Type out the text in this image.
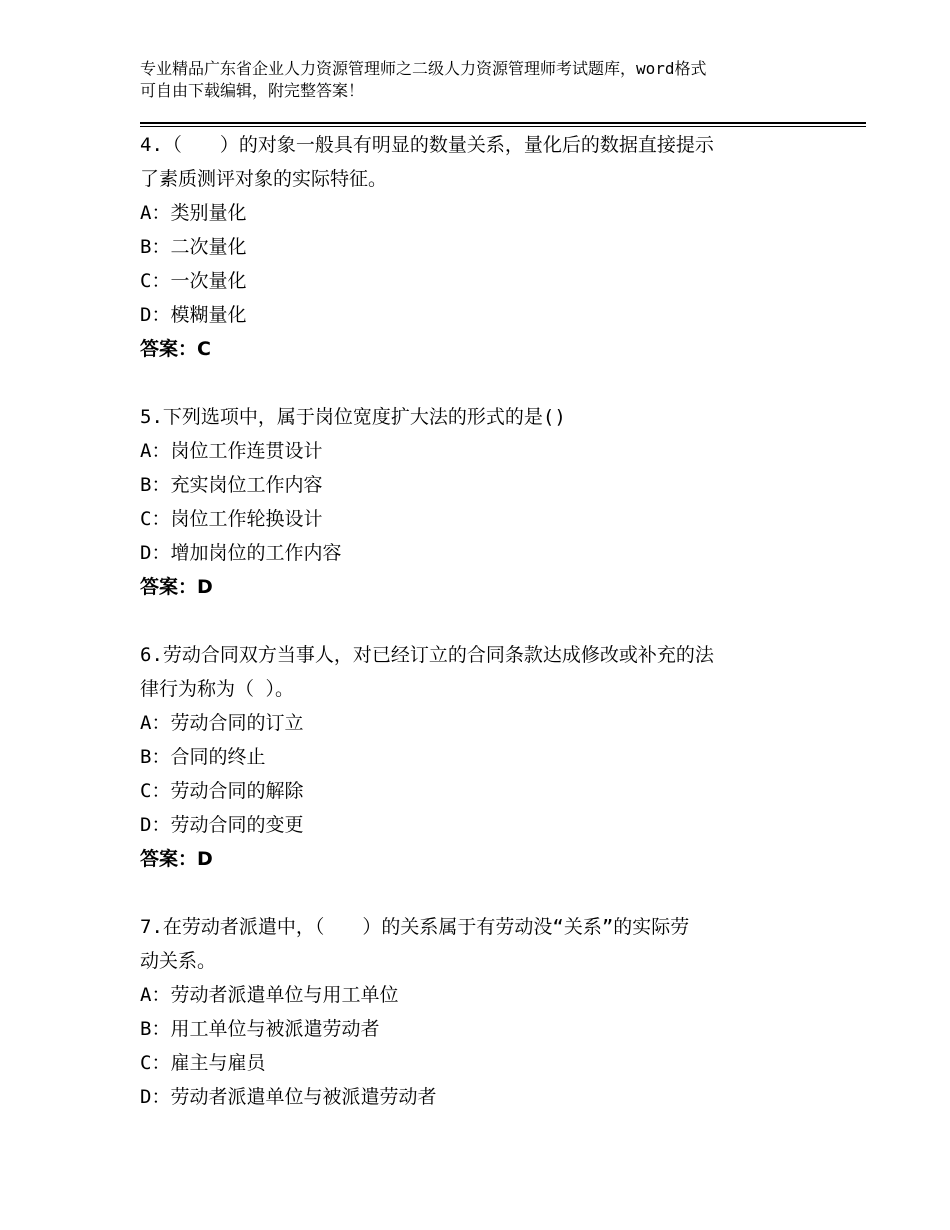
专业精品广东省企业人力资源管理师之二级人力资源管理师考试题库，word格式
可自由下载编辑，附完整答案！

4.（　　）的对象一般具有明显的数量关系，量化后的数据直接提示

了素质测评对象的实际特征。

A：类别量化

B：二次量化

C：一次量化

D：模糊量化

答案：C

5.下列选项中，属于岗位宽度扩大法的形式的是()

A：岗位工作连贯设计

B：充实岗位工作内容

C：岗位工作轮换设计

D：增加岗位的工作内容

答案：D

6.劳动合同双方当事人，对已经订立的合同条款达成修改或补充的法

律行为称为（ ）。

A：劳动合同的订立

B：合同的终止

C：劳动合同的解除

D：劳动合同的变更

答案：D

7.在劳动者派遣中，（　　）的关系属于有劳动没“关系”的实际劳

动关系。

A：劳动者派遣单位与用工单位

B：用工单位与被派遣劳动者

C：雇主与雇员

D：劳动者派遣单位与被派遣劳动者
